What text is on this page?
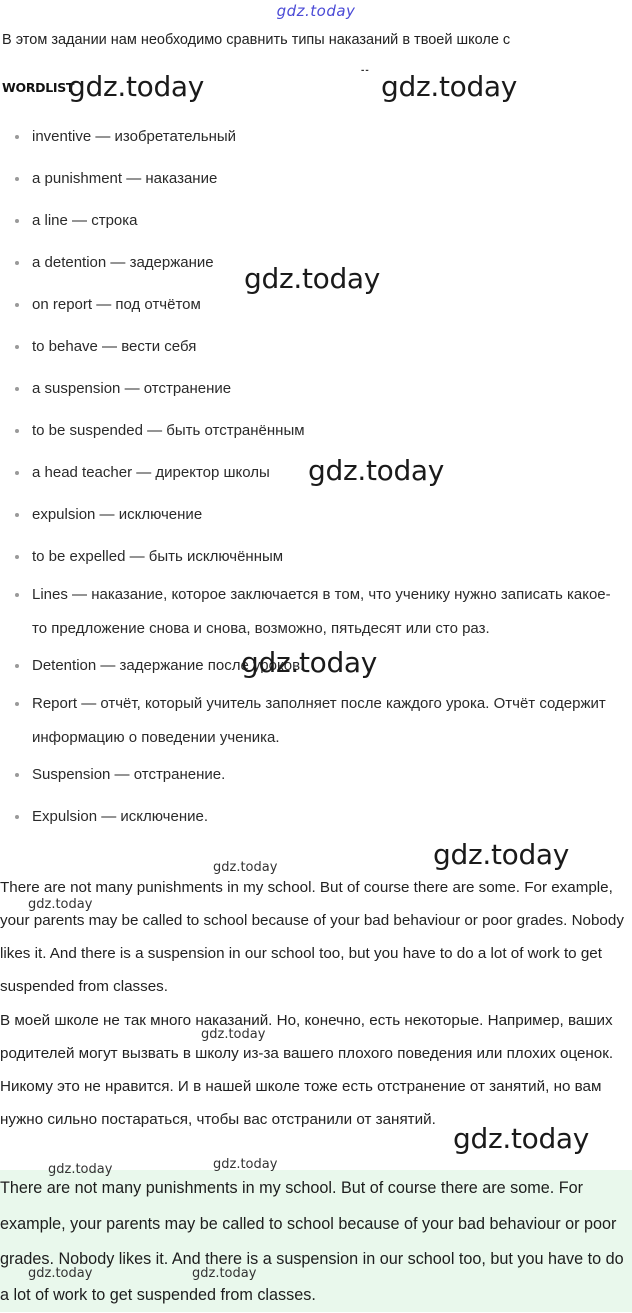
gdz.today
В этом задании нам необходимо сравнить типы наказаний в твоей школе с
WORDLIST
--
inventive — изобретательный
a punishment — наказание
a line — строка
a detention — задержание
on report — под отчётом
to behave — вести себя
a suspension — отстранение
to be suspended — быть отстранённым
a head teacher — директор школы
expulsion — исключение
to be expelled — быть исключённым
Lines — наказание, которое заключается в том, что ученику нужно записать какое-то предложение снова и снова, возможно, пятьдесят или сто раз.
Detention — задержание после уроков.
Report — отчёт, который учитель заполняет после каждого урока. Отчёт содержит информацию о поведении ученика.
Suspension — отстранение.
Expulsion — исключение.

There are not many punishments in my school. But of course there are some. For example, your parents may be called to school because of your bad behaviour or poor grades. Nobody likes it. And there is a suspension in our school too, but you have to do a lot of work to get suspended from classes.

В моей школе не так много наказаний. Но, конечно, есть некоторые. Например, ваших родителей могут вызвать в школу из-за вашего плохого поведения или плохих оценок. Никому это не нравится. И в нашей школе тоже есть отстранение от занятий, но вам нужно сильно постараться, чтобы вас отстранили от занятий.

There are not many punishments in my school. But of course there are some. For example, your parents may be called to school because of your bad behaviour or poor grades. Nobody likes it. And there is a suspension in our school too, but you have to do a lot of work to get suspended from classes.

gdz.today	gdz.today
gdz.today
gdz.today
gdz.today
gdz.today
gdz.today
gdz.today
gdz.today
gdz.today
gdz.today
gdz.today
gdz.today	gdz.today
